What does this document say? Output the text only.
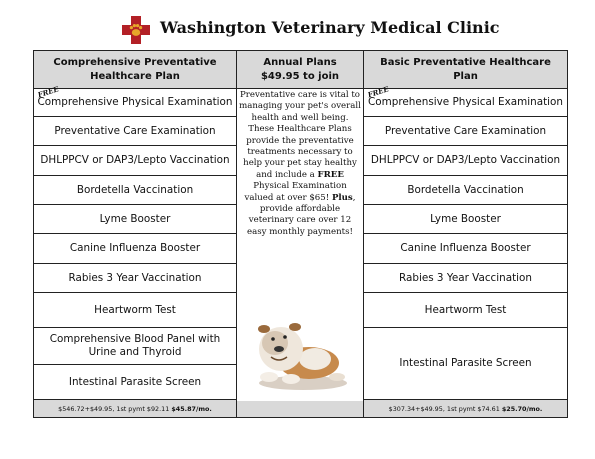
Washington Veterinary Medical Clinic
Comprehensive Preventative Healthcare Plan
FREE
Comprehensive Physical Examination
Preventative Care Examination
DHLPPCV or DAP3/Lepto Vaccination
Bordetella Vaccination
Lyme Booster
Canine Influenza Booster
Rabies 3 Year Vaccination
Heartworm Test
Comprehensive Blood Panel with Urine and Thyroid
Intestinal Parasite Screen
$546.72+$49.95, 1st pymt $92.11
$45.87/mo.
Annual Plans
$49.95 to join
Preventative care is vital to managing your pet's overall health and well being. These Healthcare Plans provide the preventative treatments necessary to help your pet stay healthy and include a FREE Physical Examination valued at over $65! Plus, provide affordable veterinary care over 12 easy monthly payments!
Basic Preventative Healthcare Plan
FREE
Comprehensive Physical Examination
Preventative Care Examination
DHLPPCV or DAP3/Lepto Vaccination
Bordetella Vaccination
Lyme Booster
Canine Influenza Booster
Rabies 3 Year Vaccination
Heartworm Test
Intestinal Parasite Screen
$307.34+$49.95, 1st pymt $74.61
$25.70/mo.
